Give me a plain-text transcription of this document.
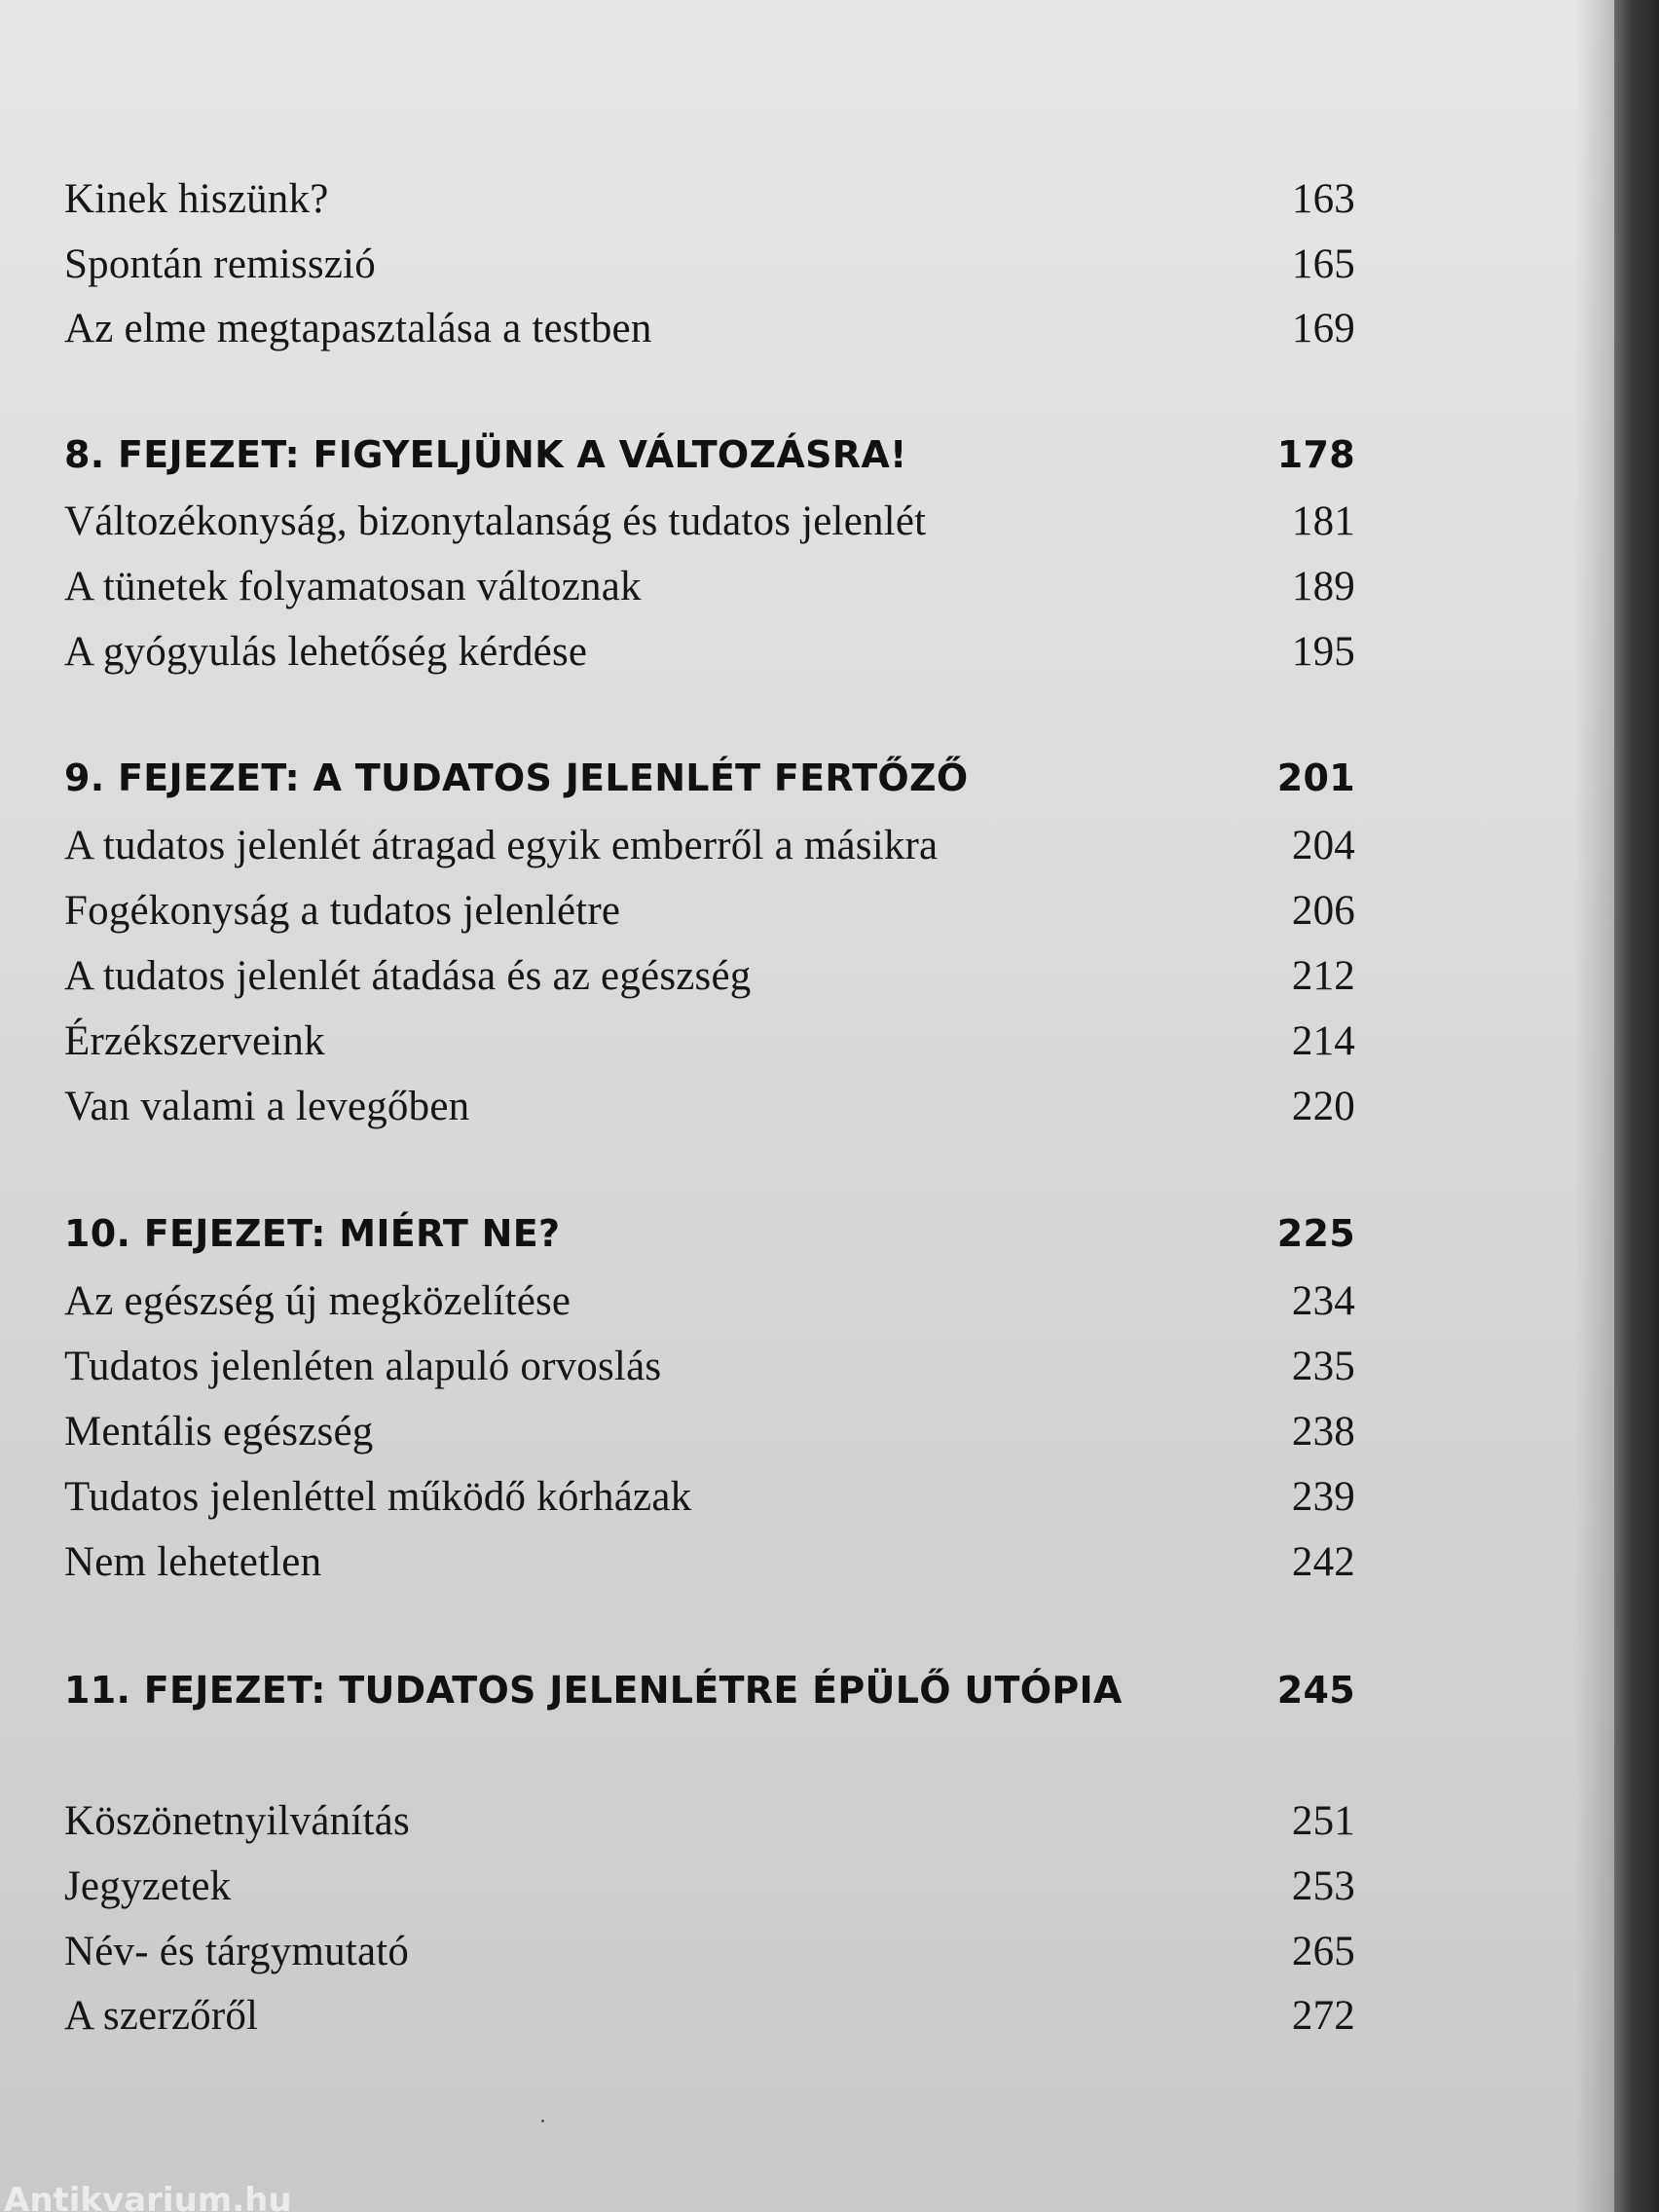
Kinek hiszünk?	163
Spontán remisszió	165
Az elme megtapasztalása a testben	169
8. FEJEZET: FIGYELJÜNK A VÁLTOZÁSRA!	178
Változékonyság, bizonytalanság és tudatos jelenlét	181
A tünetek folyamatosan változnak	189
A gyógyulás lehetőség kérdése	195
9. FEJEZET: A TUDATOS JELENLÉT FERTŐZŐ	201
A tudatos jelenlét átragad egyik emberről a másikra	204
Fogékonyság a tudatos jelenlétre	206
A tudatos jelenlét átadása és az egészség	212
Érzékszerveink	214
Van valami a levegőben	220
10. FEJEZET: MIÉRT NE?	225
Az egészség új megközelítése	234
Tudatos jelenléten alapuló orvoslás	235
Mentális egészség	238
Tudatos jelenléttel működő kórházak	239
Nem lehetetlen	242
11. FEJEZET: TUDATOS JELENLÉTRE ÉPÜLŐ UTÓPIA	245
Köszönetnyilvánítás	251
Jegyzetek	253
Név- és tárgymutató	265
A szerzőről	272
Antikvarium.hu
